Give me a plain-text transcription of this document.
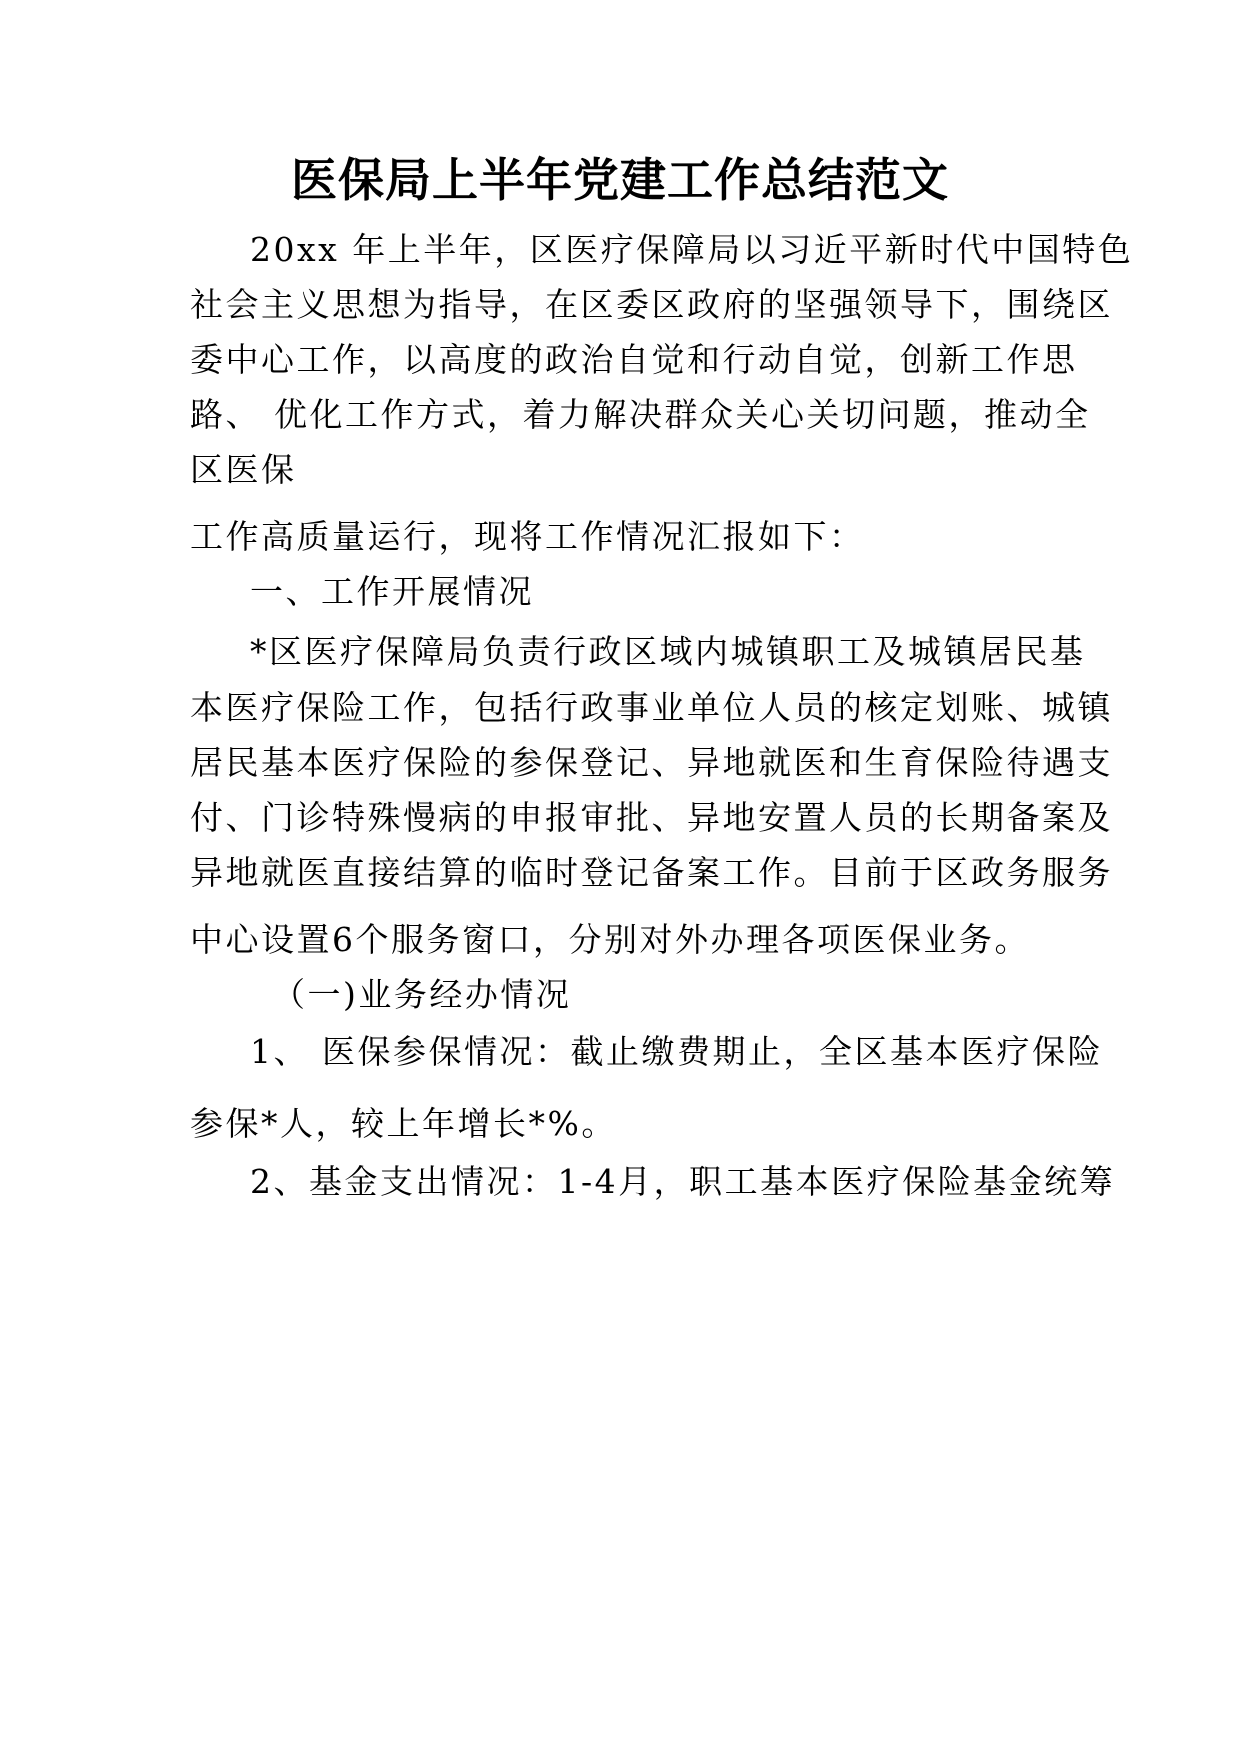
医保局上半年党建工作总结范文
20xx 年上半年，区医疗保障局以习近平新时代中国特色
社会主义思想为指导，在区委区政府的坚强领导下，围绕区
委中心工作，以高度的政治自觉和行动自觉，创新工作思
路、 优化工作方式，着力解决群众关心关切问题，推动全
区医保
工作高质量运行，现将工作情况汇报如下：
一、工作开展情况
*区医疗保障局负责行政区域内城镇职工及城镇居民基
本医疗保险工作，包括行政事业单位人员的核定划账、城镇
居民基本医疗保险的参保登记、异地就医和生育保险待遇支
付、门诊特殊慢病的申报审批、异地安置人员的长期备案及
异地就医直接结算的临时登记备案工作。目前于区政务服务
中心设置6个服务窗口，分别对外办理各项医保业务。
（一)业务经办情况
1、 医保参保情况：截止缴费期止，全区基本医疗保险
参保*人，较上年增长*%。
2、基金支出情况：1-4月，职工基本医疗保险基金统筹
